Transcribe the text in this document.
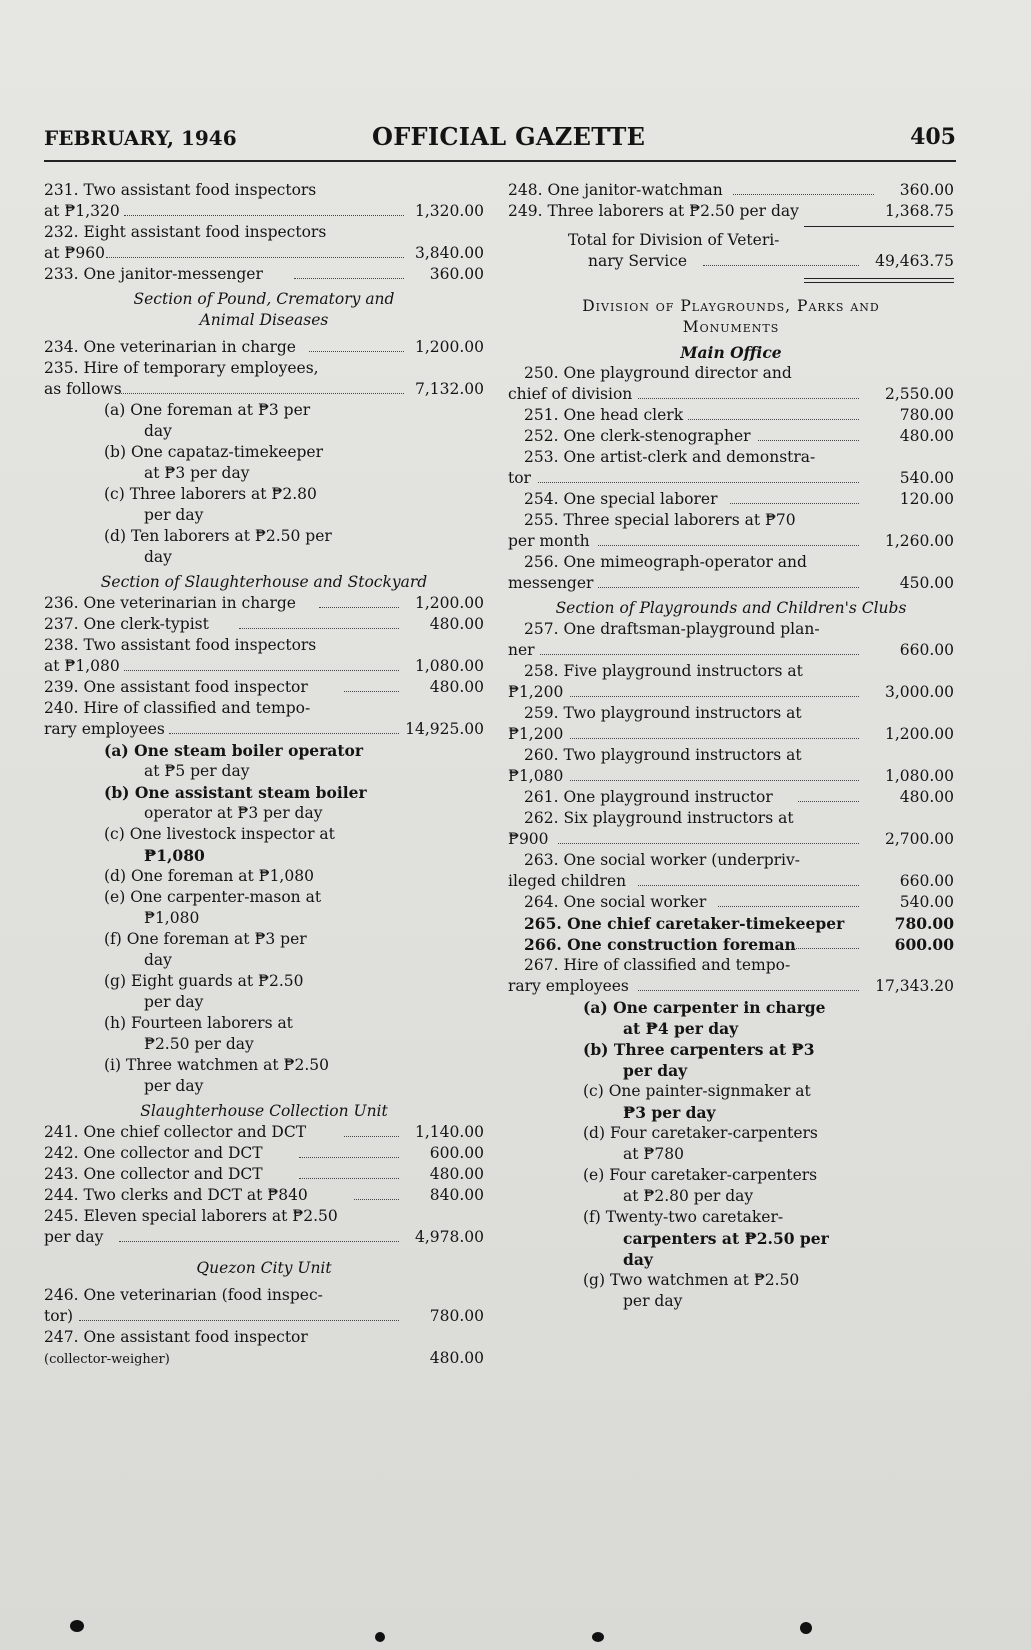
FEBRUARY, 1946	OFFICIAL GAZETTE	405
231. Two assistant food inspectors
at ₱1,320	1,320.00
232. Eight assistant food inspectors
at ₱960	3,840.00
233. One janitor-messenger	360.00
Section of Pound, Crematory and
Animal Diseases
234. One veterinarian in charge	1,200.00
235. Hire of temporary employees,
as follows	7,132.00
(a) One foreman at ₱3 per
day
(b) One capataz-timekeeper
at ₱3 per day
(c) Three laborers at ₱2.80
per day
(d) Ten laborers at ₱2.50 per
day
Section of Slaughterhouse and Stockyard
236. One veterinarian in charge	1,200.00
237. One clerk-typist	480.00
238. Two assistant food inspectors
at ₱1,080	1,080.00
239. One assistant food inspector	480.00
240. Hire of classified and tempo-
rary employees	14,925.00
(a) One steam boiler operator
at ₱5 per day
(b) One assistant steam boiler
operator at ₱3 per day
(c) One livestock inspector at
₱1,080
(d) One foreman at ₱1,080
(e) One carpenter-mason at
₱1,080
(f) One foreman at ₱3 per
day
(g) Eight guards at ₱2.50
per day
(h) Fourteen laborers at
₱2.50 per day
(i) Three watchmen at ₱2.50
per day
Slaughterhouse Collection Unit
241. One chief collector and DCT	1,140.00
242. One collector and DCT	600.00
243. One collector and DCT	480.00
244. Two clerks and DCT at ₱840	840.00
245. Eleven special laborers at ₱2.50
per day	4,978.00
Quezon City Unit
246. One veterinarian (food inspec-
tor)	780.00
247. One assistant food inspector
(collector-weigher)	480.00
248. One janitor-watchman	360.00
249. Three laborers at ₱2.50 per day	1,368.75
Total for Division of Veteri-
nary Service	49,463.75
Division of Playgrounds, Parks and
Monuments
Main Office
250. One playground director and
chief of division	2,550.00
251. One head clerk	780.00
252. One clerk-stenographer	480.00
253. One artist-clerk and demonstra-
tor	540.00
254. One special laborer	120.00
255. Three special laborers at ₱70
per month	1,260.00
256. One mimeograph-operator and
messenger	450.00
Section of Playgrounds and Children's Clubs
257. One draftsman-playground plan-
ner	660.00
258. Five playground instructors at
₱1,200	3,000.00
259. Two playground instructors at
₱1,200	1,200.00
260. Two playground instructors at
₱1,080	1,080.00
261. One playground instructor	480.00
262. Six playground instructors at
₱900	2,700.00
263. One social worker (underpriv-
ileged children	660.00
264. One social worker	540.00
265. One chief caretaker-timekeeper	780.00
266. One construction foreman	600.00
267. Hire of classified and tempo-
rary employees	17,343.20
(a) One carpenter in charge
at ₱4 per day
(b) Three carpenters at ₱3
per day
(c) One painter-signmaker at
₱3 per day
(d) Four caretaker-carpenters
at ₱780
(e) Four caretaker-carpenters
at ₱2.80 per day
(f) Twenty-two caretaker-
carpenters at ₱2.50 per
day
(g) Two watchmen at ₱2.50
per day
